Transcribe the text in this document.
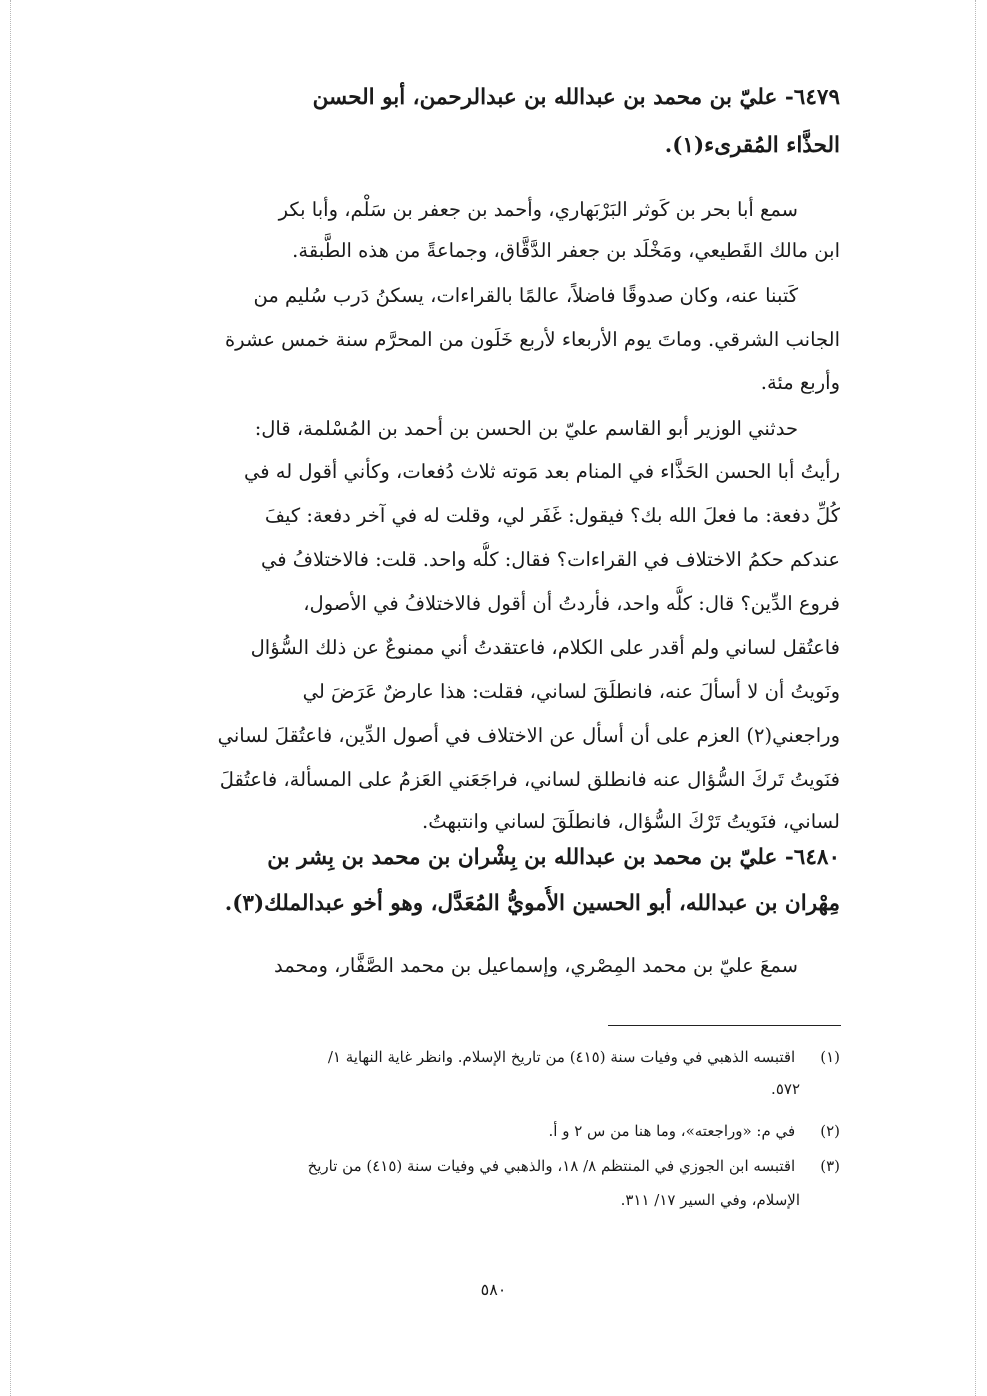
٦٤٧٩- عليّ بن محمد بن عبدالله بن عبدالرحمن، أبو الحسن
الحذَّاء المُقرىء(١).
سمع أبا بحر بن كَوثر البَرْبَهاري، وأحمد بن جعفر بن سَلْم، وأبا بكر
ابن مالك القَطيعي، ومَخْلَد بن جعفر الدَّقَّاق، وجماعةً من هذه الطَّبقة.
كَتبنا عنه، وكان صدوقًا فاضلاً، عالمًا بالقراءات، يسكنُ دَرب سُليم من
الجانب الشرقي. وماتَ يوم الأربعاء لأربع خَلَون من المحرَّم سنة خمس عشرة
وأربع مئة.
حدثني الوزير أبو القاسم عليّ بن الحسن بن أحمد بن المُسْلمة، قال:
رأيتُ أبا الحسن الحَذَّاء في المنام بعد مَوته ثلاث دُفعات، وكأني أقول له في
كُلِّ دفعة: ما فعلَ الله بك؟ فيقول: غَفَر لي، وقلت له في آخر دفعة: كيفَ
عندكم حكمُ الاختلاف في القراءات؟ فقال: كلُّه واحد. قلت: فالاختلافُ في
فروع الدِّين؟ قال: كلُّه واحد، فأردتُ أن أقول فالاختلافُ في الأصول،
فاعتُقل لساني ولم أقدر على الكلام، فاعتقدتُ أني ممنوعٌ عن ذلك السُّؤال
ونَويتُ أن لا أسألَ عنه، فانطلَقَ لساني، فقلت: هذا عارضٌ عَرَضَ لي
وراجعني(٢) العزم على أن أسأل عن الاختلاف في أصول الدِّين، فاعتُقلَ لساني
فنَويتُ تَركَ السُّؤال عنه فانطلق لساني، فراجَعَني العَزمُ على المسألة، فاعتُقلَ
لساني، فنَويتُ تَرْكَ السُّؤال، فانطلَقَ لساني وانتبهتُ.
٦٤٨٠- عليّ بن محمد بن عبدالله بن بِشْران بن محمد بن بِشر بن
مِهْران بن عبدالله، أبو الحسين الأُمويُّ المُعَدَّل، وهو أخو عبدالملك(٣).
سمعَ عليّ بن محمد المِصْري، وإسماعيل بن محمد الصَّفَّار، ومحمد
(١) اقتبسه الذهبي في وفيات سنة (٤١٥) من تاريخ الإسلام. وانظر غاية النهاية ١/
٥٧٢.
(٢) في م: «وراجعته»، وما هنا من س ٢ و أ.
(٣) اقتبسه ابن الجوزي في المنتظم ٨/ ١٨، والذهبي في وفيات سنة (٤١٥) من تاريخ
الإسلام، وفي السير ١٧/ ٣١١.
٥٨٠
